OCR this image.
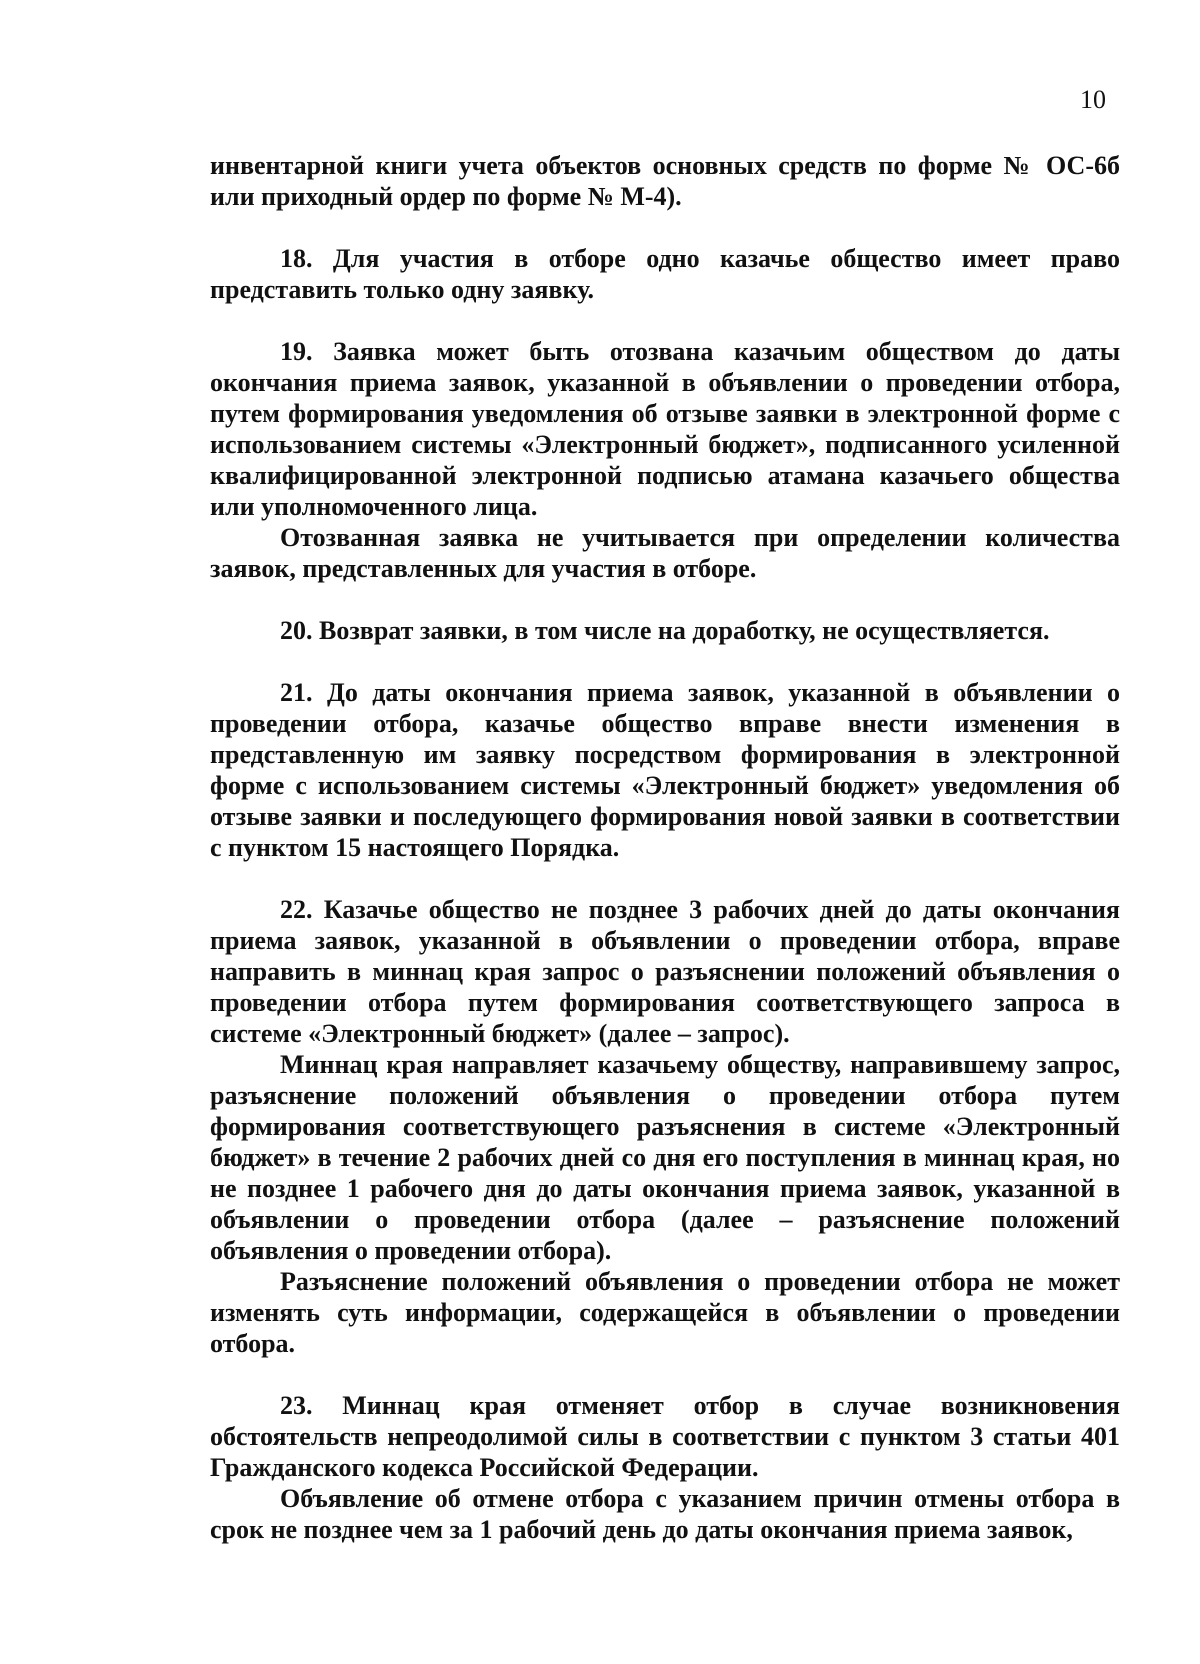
10

инвентарной книги учета объектов основных средств по форме № ОС-6б или приходный ордер по форме № М-4).

18. Для участия в отборе одно казачье общество имеет право представить только одну заявку.

19. Заявка может быть отозвана казачьим обществом до даты окончания приема заявок, указанной в объявлении о проведении отбора, путем формирования уведомления об отзыве заявки в электронной форме с использованием системы «Электронный бюджет», подписанного усиленной квалифицированной электронной подписью атамана казачьего общества или уполномоченного лица.

Отозванная заявка не учитывается при определении количества заявок, представленных для участия в отборе.

20. Возврат заявки, в том числе на доработку, не осуществляется.

21. До даты окончания приема заявок, указанной в объявлении о проведении отбора, казачье общество вправе внести изменения в представленную им заявку посредством формирования в электронной форме с использованием системы «Электронный бюджет» уведомления об отзыве заявки и последующего формирования новой заявки в соответствии с пунктом 15 настоящего Порядка.

22. Казачье общество не позднее 3 рабочих дней до даты окончания приема заявок, указанной в объявлении о проведении отбора, вправе направить в миннац края запрос о разъяснении положений объявления о проведении отбора путем формирования соответствующего запроса в системе «Электронный бюджет» (далее – запрос).

Миннац края направляет казачьему обществу, направившему запрос, разъяснение положений объявления о проведении отбора путем формирования соответствующего разъяснения в системе «Электронный бюджет» в течение 2 рабочих дней со дня его поступления в миннац края, но не позднее 1 рабочего дня до даты окончания приема заявок, указанной в объявлении о проведении отбора (далее – разъяснение положений объявления о проведении отбора).

Разъяснение положений объявления о проведении отбора не может изменять суть информации, содержащейся в объявлении о проведении отбора.

23. Миннац края отменяет отбор в случае возникновения обстоятельств непреодолимой силы в соответствии с пунктом 3 статьи 401 Гражданского кодекса Российской Федерации.

Объявление об отмене отбора с указанием причин отмены отбора в срок не позднее чем за 1 рабочий день до даты окончания приема заявок,
